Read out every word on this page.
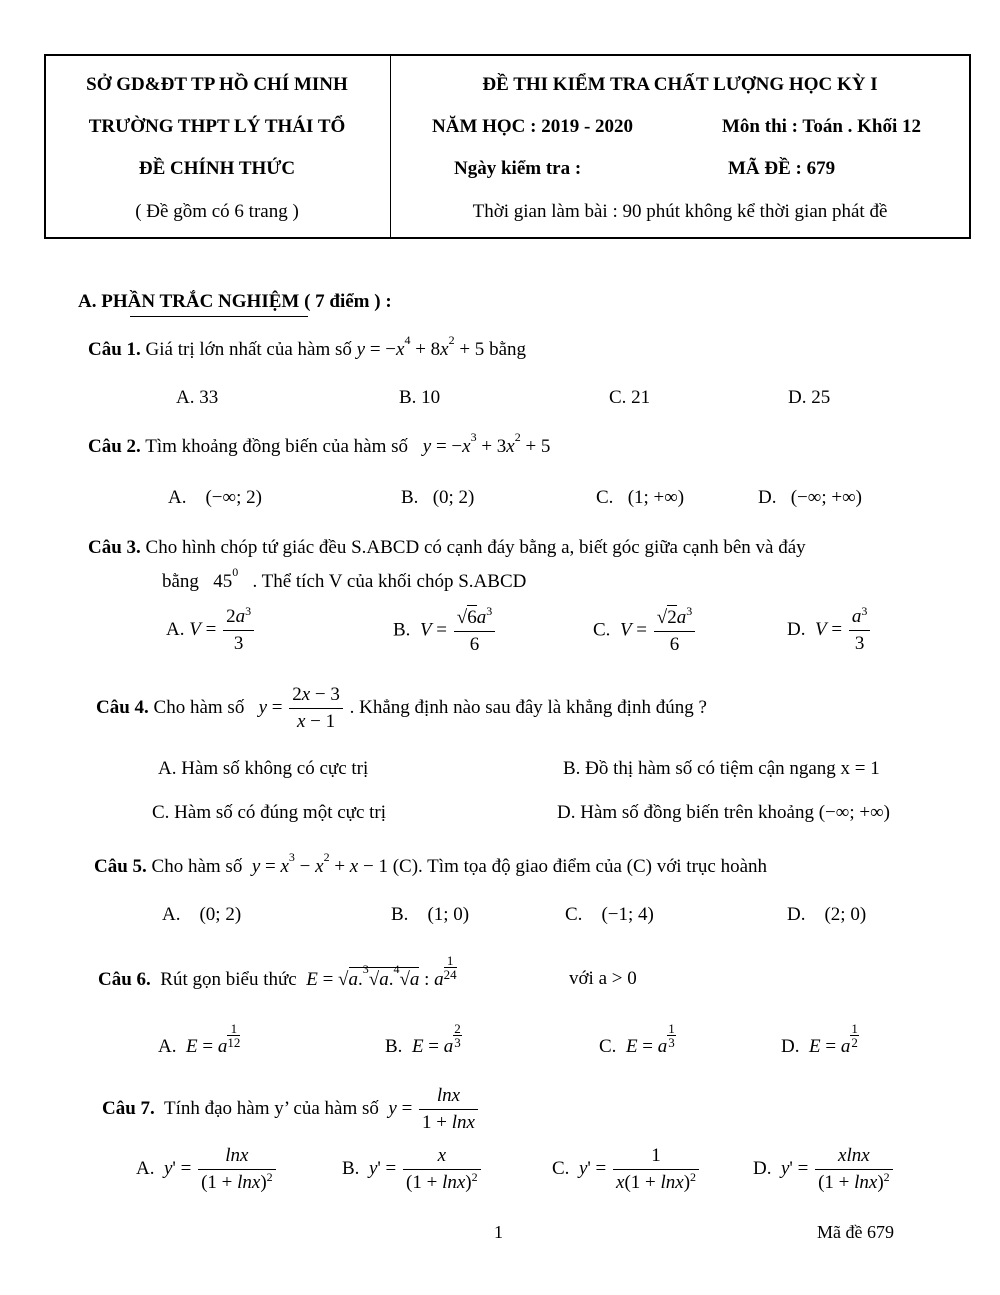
SỞ GD&ĐT TP HỒ CHÍ MINH
TRƯỜNG THPT LÝ THÁI TỔ
ĐỀ CHÍNH THỨC
( Đề gồm có 6 trang )
ĐỀ THI KIỂM TRA CHẤT LƯỢNG HỌC KỲ I
NĂM HỌC : 2019 - 2020	Môn thi : Toán . Khối 12
Ngày kiểm tra :	MÃ ĐỀ : 679
Thời gian làm bài : 90 phút không kể thời gian phát đề
A. PHẦN TRẮC NGHIỆM ( 7 điểm ) :
Câu 1. Giá trị lớn nhất của hàm số $y = -x^4 + 8x^2 + 5$ bằng
A. 33	B. 10	C. 21	D. 25
Câu 2. Tìm khoảng đồng biến của hàm số $y = -x^3 + 3x^2 + 5$
A. (−∞; 2)	B. (0; 2)	C. (1; +∞)	D. (−∞; +∞)
Câu 3. Cho hình chóp tứ giác đều S.ABCD có cạnh đáy bằng a, biết góc giữa cạnh bên và đáy
bằng $45^0$ . Thể tích V của khối chóp S.ABCD
A. $V = \frac{2a^3}{3}$	B. $V = \frac{√6a^3}{6}$	C. $V = \frac{√2a^3}{6}$	D. $V = \frac{a^3}{3}$
Câu 4. Cho hàm số $y = \frac{2x - 3}{x - 1}$ . Khẳng định nào sau đây là khẳng định đúng ?
A. Hàm số không có cực trị	B. Đồ thị hàm số có tiệm cận ngang x = 1
C. Hàm số có đúng một cực trị	D. Hàm số đồng biến trên khoảng (−∞; +∞)
Câu 5. Cho hàm số $y = x^3 - x^2 + x - 1$ (C). Tìm tọa độ giao điểm của (C) với trục hoành
A. (0; 2)	B. (1; 0)	C. (−1; 4)	D. (2; 0)
Câu 6. Rút gọn biểu thức E = √a.$^3$√a.$^4$√a : a $\frac{1}{24}$	với a > 0
A. E = a $\frac{1}{12}$	B. E = a $\frac{2}{3}$	C. E = a $\frac{1}{3}$	D. E = a $\frac{1}{2}$
Câu 7. Tính đạo hàm y’ của hàm số $y = \frac{\ln x}{1 + \ln x}$
A. $y' = \frac{\ln x}{(1 + \ln x)^2}$	B. $y' = \frac{x}{(1 + \ln x)^2}$	C. $y' = \frac{1}{x(1 + \ln x)^2}$	D. $y' = \frac{xlnx}{(1 + \ln x)^2}$
1	Mã đề 679
